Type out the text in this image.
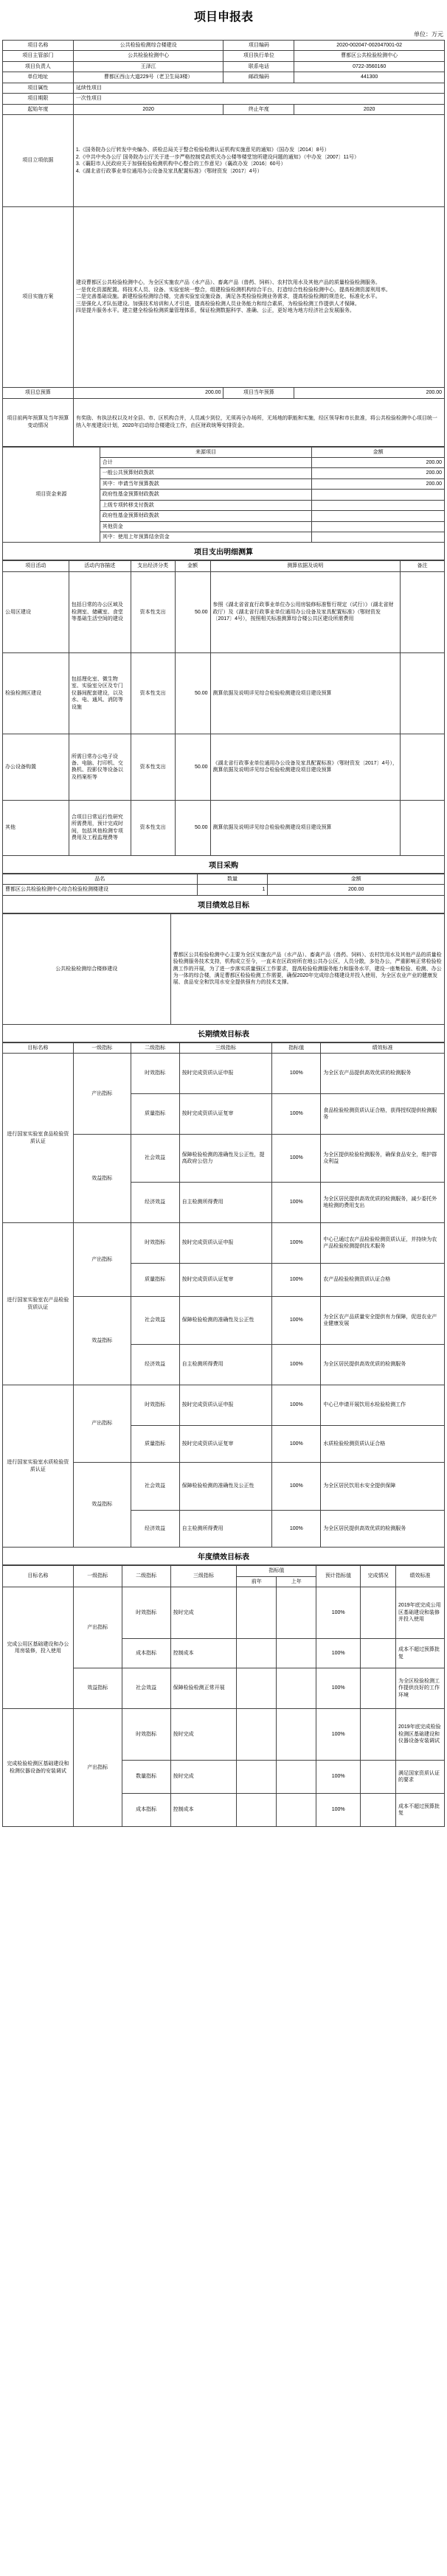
项目申报表
单位：万元
项目名称	公共检验检测综合楼建设	项目编码	2020-002047-002047001-02
项目主管部门	公共检验检测中心	项目执行单位	曹都区公共检验检测中心
项目负责人	王泽江	联系电话	0722-3560160
单位地址	曹都区西山大道229号（老卫生局3楼）	邮政编码	441300
项目属性	延续性项目		
项目期限	一次性项目		
起始年度	2020	终止年度	2020
项目立项依据	1.《国务院办公厅转发中央编办、质检总局关于整合检验检测认证机构实施意见的通知》（国办发〔2014〕8号）
2.《中共中央办公厅 国务院办公厅关于进一步严格控制党政机关办公楼等楼堂馆所建设问题的通知》（中办发〔2007〕11号）
3.《襄阳市人民政府关于加强检验检测机构中心整合的工作意见》（襄政办发〔2016〕60号）
4.《湖北省行政事业单位通用办公设备及家具配置标准》（鄂财资发〔2017〕4号）		
项目实施方案	建设曹都区公共检验检测中心，为全区实施农产品（水产品）、畜禽产品（兽药、饲料）、农村饮用水及其他产品的质量检验检测服务。
一是优化资源配置。将技术人员、设备、实验室统一整合，组建检验检测机构综合平台，打造综合性检验检测中心，提高检测资源利用率。
二是完善基础设施。新建检验检测综合楼，完善实验室设施设备，满足各类检验检测业务需求，提高检验检测的规范化、标准化水平。
三是强化人才队伍建设。加强技术培训和人才引进，提高检验检测人员业务能力和综合素质，为检验检测工作提供人才保障。
四是提升服务水平。建立健全检验检测质量管理体系，保证检测数据科学、准确、公正，更好地为地方经济社会发展服务。		
项目总预算	200.00	项目当年预算	200.00
项目前两年预算及当年预算变动情况	有奖励、有执法权以及对全县、市、区机构合并，人员减少到位，无须再分办场所，无场地的职能和实施，经区领导和市长批准，将公共检验检测中心项目统一纳入年度建设计划，2020年启动综合楼建设工作，由区财政统筹安排资金。		
项目资金来源	来源项目	金额
	合计	200.00
	一般公共预算财政拨款	200.00
	其中：申请当年预算拨款	200.00
	政府性基金预算财政拨款	
	上级专项转移支付拨款	
	政府性基金预算财政拨款	
	其他资金	
	其中：使用上年预算结余资金	
项目支出明细测算
项目活动	活动内容描述	支出经济分类	金额	测算依据及说明	备注
公用区建设	包括日常的办公区域及检测室、储藏室、食堂等基础生活空间的建设	资本性支出	50.00	参照《湖北省省直行政事业单位办公用房装修标准暂行规定（试行）》（湖北省财政厅）及《湖北省行政事业单位通用办公设备及家具配置标准》（鄂财资发〔2017〕4号），按照相关标准测算综合楼公共区建设所需费用	
检验检测区建设	包括理化室、微生物室、实验室分区及专门仪器间配套建设，以及水、电、通风、消防等设施	资本性支出	50.00	测算依据及说明详见综合检验检测建设项目建设预算	
办公设备购置	所需日常办公电子设备、电脑、打印机、交换机、投影仪等设备以及档案柜等	资本性支出	50.00	《湖北省行政事业单位通用办公设备及家具配置标准》（鄂财资发〔2017〕4号），测算依据及说明详见综合检验检测建设项目建设预算	
其他	合项目日常运行性研究所需费用，预计完成时间，包括其他检测专项费用及工程监理费等	资本性支出	50.00	测算依据及说明详见综合检验检测建设项目建设预算	
项目采购
品名	数量	金额
曹都区公共检验检测中心综合检验检测楼建设	1	200.00
项目绩效总目标
公共检验检测综合楼修建设	曹都区公共检验检测中心主要为全区实施农产品（水产品）、畜禽产品（兽药、饲料）、农村饮用水及其他产品的质量检验检测服务技术支持，机构成立至今，一直未在区政府所在地公共办公区，人员分散，多处办公，严重影响正常检验检测工作的开展，为了进一步落实质量强区工作要求，提高检验检测服务能力和服务水平，建设一座集检验、检测、办公为一体的综合楼，满足曹都区检验检测工作需要，确保2020年完成综合楼建设并投入使用，为全区农业产业的健康发展、食品安全和饮用水安全提供强有力的技术支撑。
长期绩效目标表
目标名称	一级指标	二级指标	三级指标	指标值	绩效标准
进行国家实验室食品检验资质认证	产出指标	时效指标	按时完成资质认证申报	100%	为全区农产品提供高效优质的检测服务
		质量指标	按时完成资质认证复审	100%	食品检验检测资质认证合格，获得授权提供检测服务
	效益指标	社会效益	保障检验检测的准确性及公正性，提高政府公信力	100%	为全区提供检验检测服务，确保食品安全，维护群众利益
		经济效益	自主检测所得费用	100%	为全区居民提供高效优质的检测服务，减少委托外地检测的费用支出
进行国家实验室农产品检验资质认证	产出指标	时效指标	按时完成资质认证申报	100%	中心已通过农产品检验检测资质认证，并持续为农产品检验检测提供技术服务
		质量指标	按时完成资质认证复审	100%	农产品检验检测资质认证合格
	效益指标	社会效益	保障检验检测的准确性及公正性	100%	为全区农产品质量安全提供有力保障，促进农业产业健康发展
		经济效益	自主检测所得费用	100%	为全区居民提供高效优质的检测服务
进行国家实验室水质检验资质认证	产出指标	时效指标	按时完成资质认证申报	100%	中心已申请开展饮用水检验检测工作
		质量指标	按时完成资质认证复审	100%	水质检验检测资质认证合格
	效益指标	社会效益	保障检验检测的准确性及公正性	100%	为全区居民饮用水安全提供保障
		经济效益	自主检测所得费用	100%	为全区居民提供高效优质的检测服务
年度绩效目标表
目标名称	一级指标	二级指标	三级指标	指标值		预计指标值	完成情况	绩效标准
				前年	上年			
完成公用区基础建设和办公用房装修，投入使用	产出指标	时效指标	按时完成			100%		2019年底完成公用区基础建设和装修并投入使用
		成本指标	控制成本			100%		成本不超过预算批复
	效益指标	社会效益	保障检验检测正常开展			100%		为全区检验检测工作提供良好的工作环境
完成检验检测区基础建设和检测仪器设备的安装调试	产出指标	时效指标	按时完成			100%		2019年底完成检验检测区基础建设和仪器设备安装调试
		数量指标	按时完成			100%		满足国家资质认证的要求
		成本指标	控制成本			100%		成本不超过预算批复
